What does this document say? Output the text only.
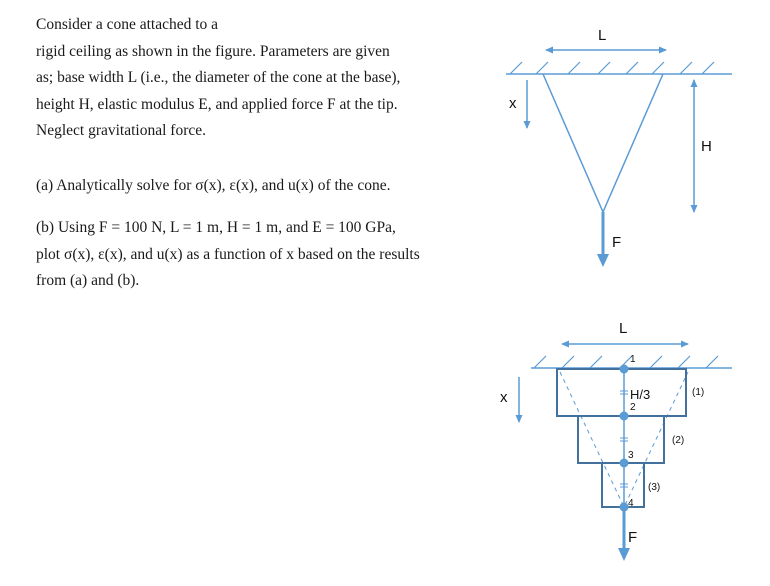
Consider a cone attached to a

rigid ceiling as shown in the figure. Parameters are given

as; base width L (i.e., the diameter of the cone at the base),

height H, elastic modulus E, and applied force F at the tip.

Neglect gravitational force.

(a) Analytically solve for σ(x), ε(x), and u(x) of the cone.

(b) Using F = 100 N, L = 1 m, H = 1 m, and E = 100 GPa,

plot σ(x), ε(x), and u(x) as a function of x based on the results

from (a) and (b).

L
x
H
F
L
1
2
3
4
H/3	(1)
(2)
(3)
x
F
